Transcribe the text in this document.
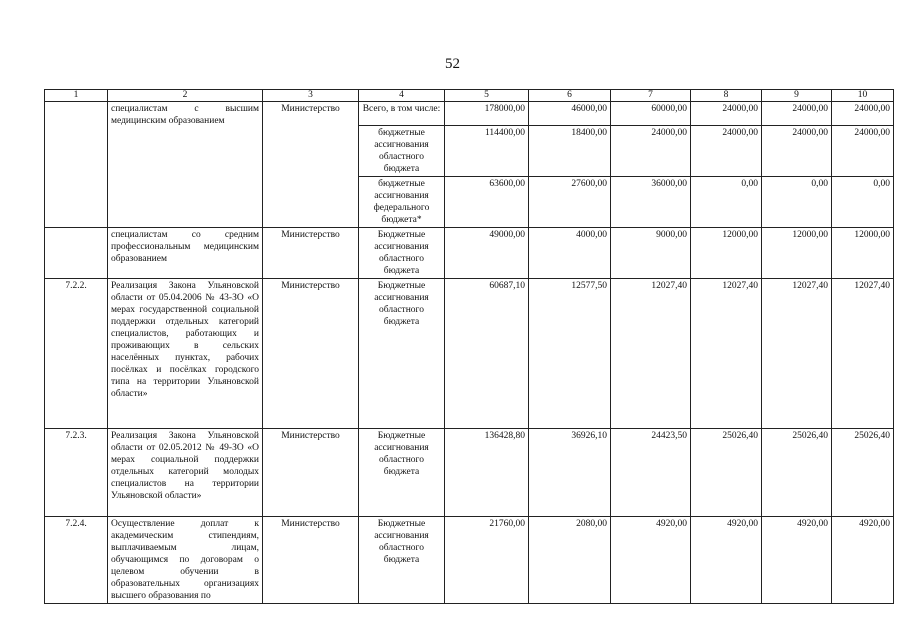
52
1	2	3	4	5	6	7	8	9	10
	специалистам с высшим медицинским образованием	Министерство	Всего, в том числе:	178000,00	46000,00	60000,00	24000,00	24000,00	24000,00
			бюджетные ассигнования областного бюджета	114400,00	18400,00	24000,00	24000,00	24000,00	24000,00
			бюджетные ассигнования федерального бюджета*	63600,00	27600,00	36000,00	0,00	0,00	0,00
	специалистам со средним профессиональным медицинским образованием	Министерство	Бюджетные ассигнования областного бюджета	49000,00	4000,00	9000,00	12000,00	12000,00	12000,00
7.2.2.	Реализация Закона Ульяновской области от 05.04.2006 № 43-ЗО «О мерах государственной социальной поддержки отдельных категорий специалистов, работающих и проживающих в сельских населённых пунктах, рабочих посёлках и посёлках городского типа на территории Ульяновской области»	Министерство	Бюджетные ассигнования областного бюджета	60687,10	12577,50	12027,40	12027,40	12027,40	12027,40
7.2.3.	Реализация Закона Ульяновской области от 02.05.2012 № 49-ЗО «О мерах социальной поддержки отдельных категорий молодых специалистов на территории Ульяновской области»	Министерство	Бюджетные ассигнования областного бюджета	136428,80	36926,10	24423,50	25026,40	25026,40	25026,40
7.2.4.	Осуществление доплат к академическим стипендиям, выплачиваемым лицам, обучающимся по договорам о целевом обучении в образовательных организациях высшего образования по	Министерство	Бюджетные ассигнования областного бюджета	21760,00	2080,00	4920,00	4920,00	4920,00	4920,00
